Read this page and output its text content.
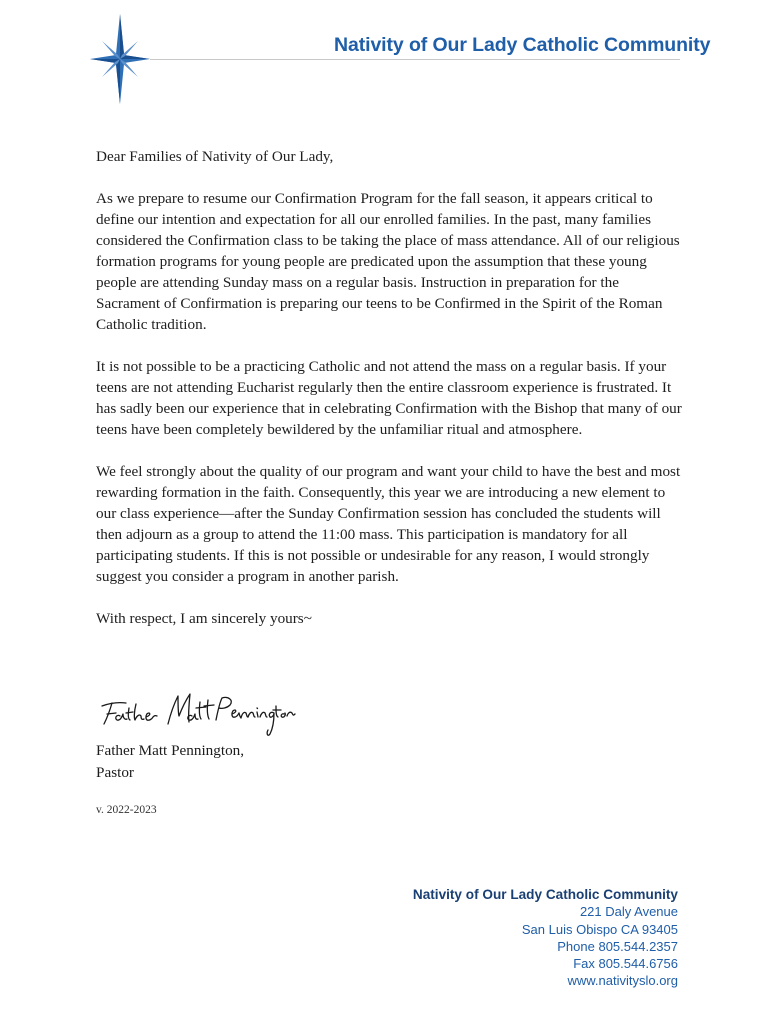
Nativity of Our Lady Catholic Community

Dear Families of Nativity of Our Lady,

As we prepare to resume our Confirmation Program for the fall season, it appears critical to define our intention and expectation for all our enrolled families. In the past, many families considered the Confirmation class to be taking the place of mass attendance. All of our religious formation programs for young people are predicated upon the assumption that these young people are attending Sunday mass on a regular basis. Instruction in preparation for the Sacrament of Confirmation is preparing our teens to be Confirmed in the Spirit of the Roman Catholic tradition.

It is not possible to be a practicing Catholic and not attend the mass on a regular basis. If your teens are not attending Eucharist regularly then the entire classroom experience is frustrated. It has sadly been our experience that in celebrating Confirmation with the Bishop that many of our teens have been completely bewildered by the unfamiliar ritual and atmosphere.

We feel strongly about the quality of our program and want your child to have the best and most rewarding formation in the faith. Consequently, this year we are introducing a new element to our class experience—after the Sunday Confirmation session has concluded the students will then adjourn as a group to attend the 11:00 mass. This participation is mandatory for all participating students. If this is not possible or undesirable for any reason, I would strongly suggest you consider a program in another parish.

With respect, I am sincerely yours~

Father Matt Pennington,
Pastor
v. 2022-2023
Nativity of Our Lady Catholic Community
221 Daly Avenue
San Luis Obispo CA 93405
Phone 805.544.2357
Fax 805.544.6756
www.nativityslo.org
